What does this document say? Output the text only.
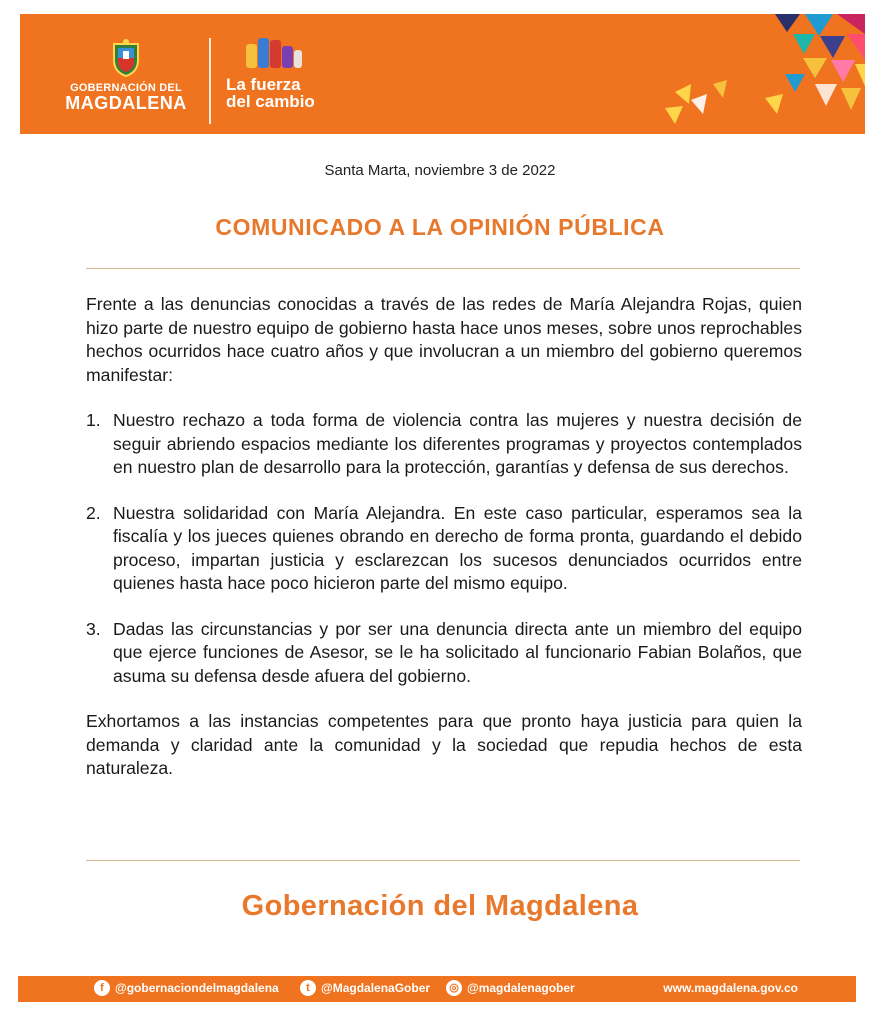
GOBERNACIÓN DEL
MAGDALENA
La fuerza
del cambio
Santa Marta, noviembre 3 de 2022
COMUNICADO A LA OPINIÓN PÚBLICA

Frente a las denuncias conocidas a través de las redes de María Alejandra Rojas, quien hizo parte de nuestro equipo de gobierno hasta hace unos meses, sobre unos reprochables hechos ocurridos hace cuatro años y que involucran a un miembro del gobierno queremos manifestar:

1. Nuestro rechazo a toda forma de violencia contra las mujeres y nuestra decisión de seguir abriendo espacios mediante los diferentes programas y proyectos contemplados en nuestro plan de desarrollo para la protección, garantías y defensa de sus derechos.
2. Nuestra solidaridad con María Alejandra. En este caso particular, esperamos sea la fiscalía y los jueces quienes obrando en derecho de forma pronta, guardando el debido proceso, impartan justicia y esclarezcan los sucesos denunciados ocurridos entre quienes hasta hace poco hicieron parte del mismo equipo.
3. Dadas las circunstancias y por ser una denuncia directa ante un miembro del equipo que ejerce funciones de Asesor, se le ha solicitado al funcionario Fabian Bolaños, que asuma su defensa desde afuera del gobierno.

Exhortamos a las instancias competentes para que pronto haya justicia para quien la demanda y claridad ante la comunidad y la sociedad que repudia hechos de esta naturaleza.

Gobernación del Magdalena
f @gobernaciondelmagdalena	t @MagdalenaGober ◎ @magdalenagober	www.magdalena.gov.co
